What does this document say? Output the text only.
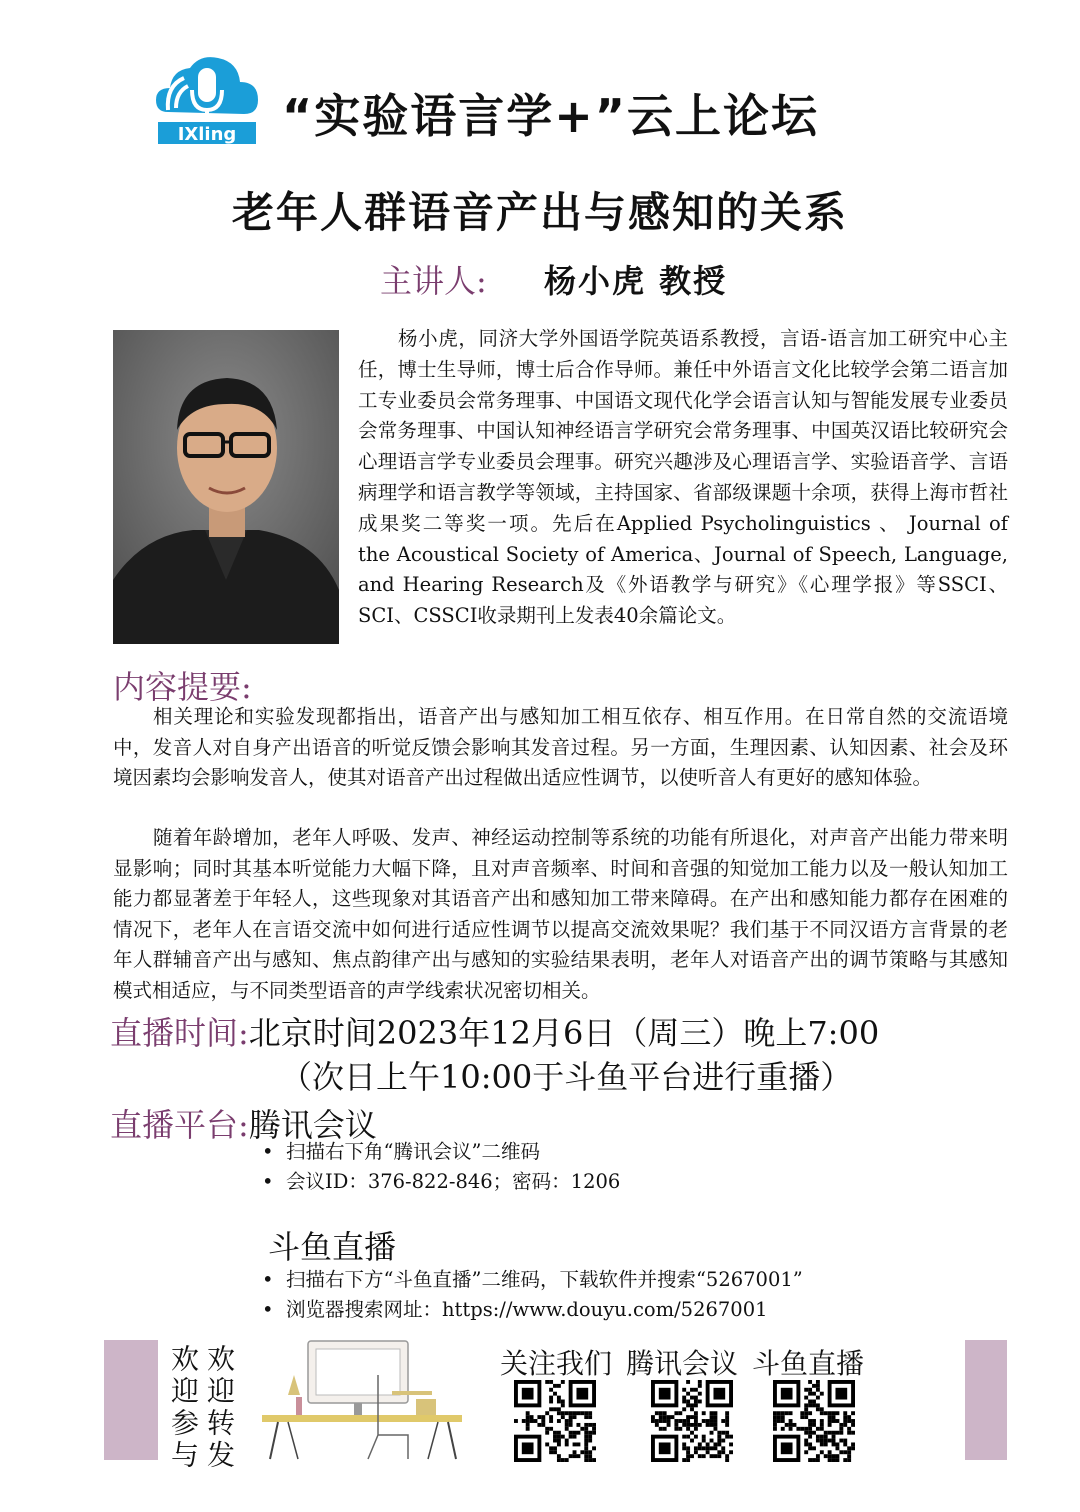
IXling “实验语言学+”云上论坛
老年人群语音产出与感知的关系
主讲人: 杨小虎 教授
杨小虎，同济大学外国语学院英语系教授，言语-语言加工研究中心主任，博士生导师，博士后合作导师。兼任中外语言文化比较学会第二语言加工专业委员会常务理事、中国语文现代化学会语言认知与智能发展专业委员会常务理事、中国认知神经语言学研究会常务理事、中国英汉语比较研究会心理语言学专业委员会理事。研究兴趣涉及心理语言学、实验语音学、言语病理学和语言教学等领域，主持国家、省部级课题十余项，获得上海市哲社成果奖二等奖一项。先后在Applied Psycholinguistics 、 Journal of the Acoustical Society of America、Journal of Speech, Language, and Hearing Research及《外语教学与研究》《心理学报》等SSCI、SCI、CSSCI收录期刊上发表40余篇论文。
内容提要:
相关理论和实验发现都指出，语音产出与感知加工相互依存、相互作用。在日常自然的交流语境中，发音人对自身产出语音的听觉反馈会影响其发音过程。另一方面，生理因素、认知因素、社会及环境因素均会影响发音人，使其对语音产出过程做出适应性调节，以使听音人有更好的感知体验。
随着年龄增加，老年人呼吸、发声、神经运动控制等系统的功能有所退化，对声音产出能力带来明显影响；同时其基本听觉能力大幅下降，且对声音频率、时间和音强的知觉加工能力以及一般认知加工能力都显著差于年轻人，这些现象对其语音产出和感知加工带来障碍。在产出和感知能力都存在困难的情况下，老年人在言语交流中如何进行适应性调节以提高交流效果呢？我们基于不同汉语方言背景的老年人群辅音产出与感知、焦点韵律产出与感知的实验结果表明，老年人对语音产出的调节策略与其感知模式相适应，与不同类型语音的声学线索状况密切相关。
直播时间:北京时间2023年12月6日（周三）晚上7:00
（次日上午10:00于斗鱼平台进行重播）
直播平台:腾讯会议
• 扫描右下角“腾讯会议”二维码
• 会议ID：376-822-846；密码：1206
斗鱼直播
• 扫描右下方“斗鱼直播”二维码，下载软件并搜索“5267001”
• 浏览器搜索网址：https://www.douyu.com/5267001
欢迎转发
欢迎参与	关注我们 腾讯会议 斗鱼直播
